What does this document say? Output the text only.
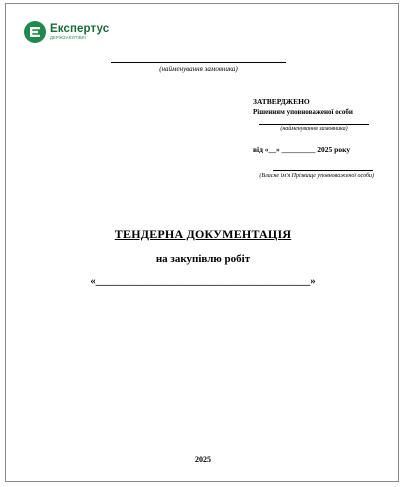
Експертус
ДЕРЖЗАКУПІВЛІ
(найменування замовника)
ЗАТВЕРДЖЕНО
Рішенням уповноваженої особи
(найменування замовника)
від «__» _________ 2025 року
(Власне ім'я Прізвище уповноваженої особи)
ТЕНДЕРНА ДОКУМЕНТАЦІЯ
на закупівлю робіт
«_______________________________________»
2025
